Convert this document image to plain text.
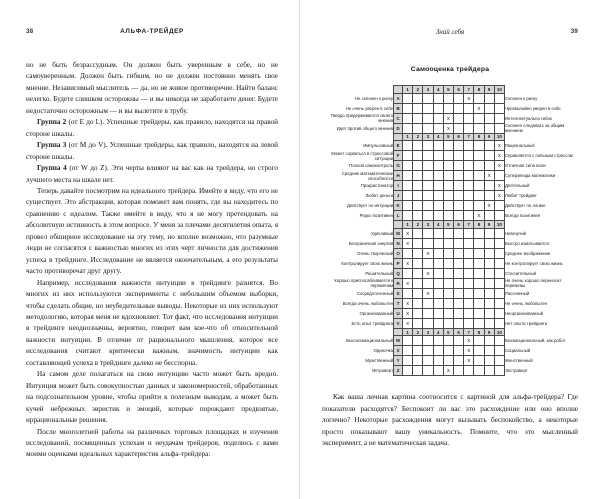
38	АЛЬФА-ТРЕЙДЕР

но не быть безрассудным. Он должен быть уверенным в себе, но не самоуверенным. Должен быть гибким, но не должен постоянно менять свое мнение. Независимый мыслитель — да, но не живое противоречие. Найти баланс нелегко. Будете слишком осторожны — и вы никогда не заработаете денег. Будете недостаточно осторожным — и вы вылетите в трубу.

Группа 2 (от E до L). Успешные трейдеры, как правило, находятся на правой стороне шкалы.

Группа 3 (от M до V). Успешные трейдеры, как правило, находятся на левой стороне шкалы.

Группа 4 (от W до Z). Эти черты влияют на вас как на трейдера, но строго лучшего места на шкале нет.

Теперь давайте посмотрим на идеального трейдера. Имейте в виду, что его не существует. Это абстракция, которая поможет вам понять, где вы находитесь по сравнению с идеалом. Также имейте в виду, что я не могу претендовать на абсолютную истинность в этом вопросе. У меня за плечами десятилетия опыта, я провел обширное исследование на эту тему, но вполне возможно, что разумные люди не согласятся с важностью многих из этих черт личности для достижения успеха в трейдинге. Исследование не является окончательным, а его результаты часто противоречат друг другу.

Например, исследования важности интуиции в трейдинге разнятся. Во многих из них используются эксперименты с небольшим объемом выборки, чтобы сделать общие, но неубедительные выводы. Некоторые из них используют методологию, которая меня не вдохновляет. Тот факт, что исследования интуиции в трейдинге неоднозначны, вероятно, говорит вам кое-что об относительной важности интуиции. В отличие от рационального мышления, которое все исследования считают критически важным, значимость интуиции как составляющей успеха в трейдинге далеко не бесспорна.

На самом деле полагаться на свою интуицию часто может быть вредно. Интуиция может быть совокупностью данных и закономерностей, обработанных на подсознательном уровне, чтобы прийти к полезным выводам, а может быть кучей небрежных эвристик и эмоций, которые порождают предвзятые, иррациональные решения.

После многолетней работы на различных торговых площадках и изучения исследований, посвященных успехам и неудачам трейдеров, поделюсь с вами моими оценками идеальных характеристик альфа-трейдера:

Знай себя	39
Самооценка трейдера
		1	2	3	4	5	6	7	8	9	10	
Не склонен к риску	A							X				Склонен к риску
Не очень уверен в себе	B								X			Чрезвычайно уверен в себе
Твердо придерживается своего мнения	C					X						Интеллектуально гибок
Идет против общего мнения	D					X						Склонен следовать за общим мнением
		1	2	3	4	5	6	7	8	9	10	
Импульсивный	E										X	Рациональный
Может сорваться в стрессовой ситуации	F										X	Справляется с сильным стрессом
Плохой самоконтроль	G										X	Отличная сила воли
Средние математические способности	H									X		Суперзвезда математики
Прокрастинатор	I										X	Деятельный
Любит деньги	J										X	Любит трейдинг
Действует по интуиции	K									X		Действует по логике
Редко позитивен	L								X			Всегда позитивен
		1	2	3	4	5	6	7	8	9	10	
Удачливый	M	X										Невезучий
Безграничная энергия	N	X										Быстро изматывается
Очень творческий	O			X								Среднее воображение
Контролирует свою жизнь	P	X										Не контролирует свою жизнь
Решительный	Q			X								Стеснительный
Хорошо приспосабливается к переменам	R	X										Не очень хорошо переносит перемены
Сосредоточенный	S			X								Рассеянный
Всегда очень любопытен	T	X										Не очень любопытен
Организованный	U	X										Неорганизованный
Есть опыт трейдинга	V	X										Нет опыта трейдинга
		1	2	3	4	5	6	7	8	9	10	
Высокоэмоциональный	W							X				Безэмоциональный, как робот
Одиночка	X							X				Социальный
Мужственный	Y							X				Женственный
Интроверт	Z					X						Экстраверт

Как ваша личная картина соотносится с картиной для альфа-трейдера? Где показатели расходятся? Беспокоит ли вас это расхождение или оно вполне логично? Некоторые расхождения могут вызывать беспокойство, а некоторые просто показывают вашу уникальность. Помните, что это мысленный эксперимент, а не математическая задача.
